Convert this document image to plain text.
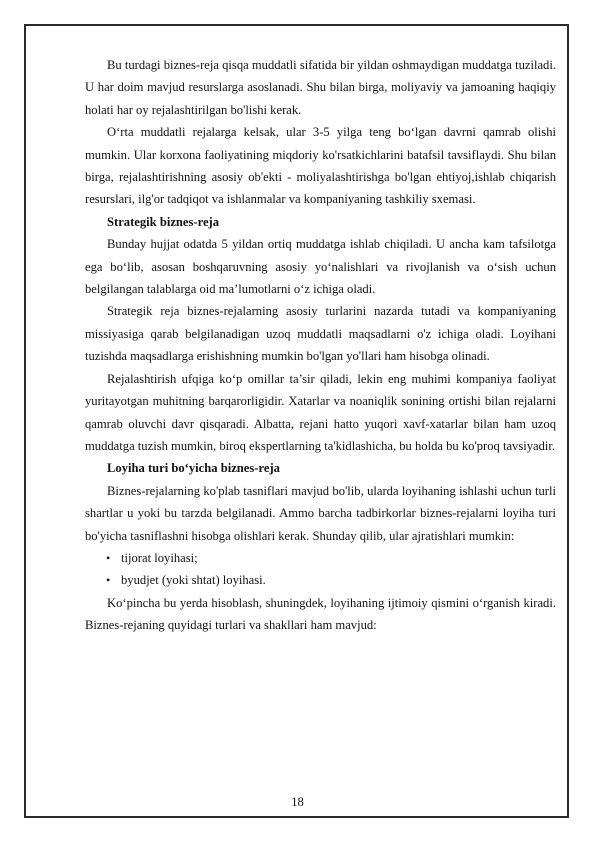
Bu turdagi biznes-reja qisqa muddatli sifatida bir yildan oshmaydigan muddatga tuziladi. U har doim mavjud resurslarga asoslanadi. Shu bilan birga, moliyaviy va jamoaning haqiqiy holati har oy rejalashtirilgan bo'lishi kerak.

O‘rta muddatli rejalarga kelsak, ular 3-5 yilga teng bo‘lgan davrni qamrab olishi mumkin. Ular korxona faoliyatining miqdoriy ko'rsatkichlarini batafsil tavsiflaydi. Shu bilan birga, rejalashtirishning asosiy ob'ekti - moliyalashtirishga bo'lgan ehtiyoj,ishlab chiqarish resurslari, ilg'or tadqiqot va ishlanmalar va kompaniyaning tashkiliy sxemasi.

Strategik biznes-reja

Bunday hujjat odatda 5 yildan ortiq muddatga ishlab chiqiladi. U ancha kam tafsilotga ega bo‘lib, asosan boshqaruvning asosiy yo‘nalishlari va rivojlanish va o‘sish uchun belgilangan talablarga oid ma’lumotlarni o‘z ichiga oladi.

Strategik reja biznes-rejalarning asosiy turlarini nazarda tutadi va kompaniyaning missiyasiga qarab belgilanadigan uzoq muddatli maqsadlarni o'z ichiga oladi. Loyihani tuzishda maqsadlarga erishishning mumkin bo'lgan yo'llari ham hisobga olinadi.

Rejalashtirish ufqiga ko‘p omillar ta’sir qiladi, lekin eng muhimi kompaniya faoliyat yuritayotgan muhitning barqarorligidir. Xatarlar va noaniqlik sonining ortishi bilan rejalarni qamrab oluvchi davr qisqaradi. Albatta, rejani hatto yuqori xavf-xatarlar bilan ham uzoq muddatga tuzish mumkin, biroq ekspertlarning ta'kidlashicha, bu holda bu ko'proq tavsiyadir.

Loyiha turi bo‘yicha biznes-reja

Biznes-rejalarning ko'plab tasniflari mavjud bo'lib, ularda loyihaning ishlashi uchun turli shartlar u yoki bu tarzda belgilanadi. Ammo barcha tadbirkorlar biznes-rejalarni loyiha turi bo'yicha tasniflashni hisobga olishlari kerak. Shunday qilib, ular ajratishlari mumkin:

• tijorat loyihasi;
• byudjet (yoki shtat) loyihasi.

Ko‘pincha bu yerda hisoblash, shuningdek, loyihaning ijtimoiy qismini o‘rganish kiradi. Biznes-rejaning quyidagi turlari va shakllari ham mavjud:

18
